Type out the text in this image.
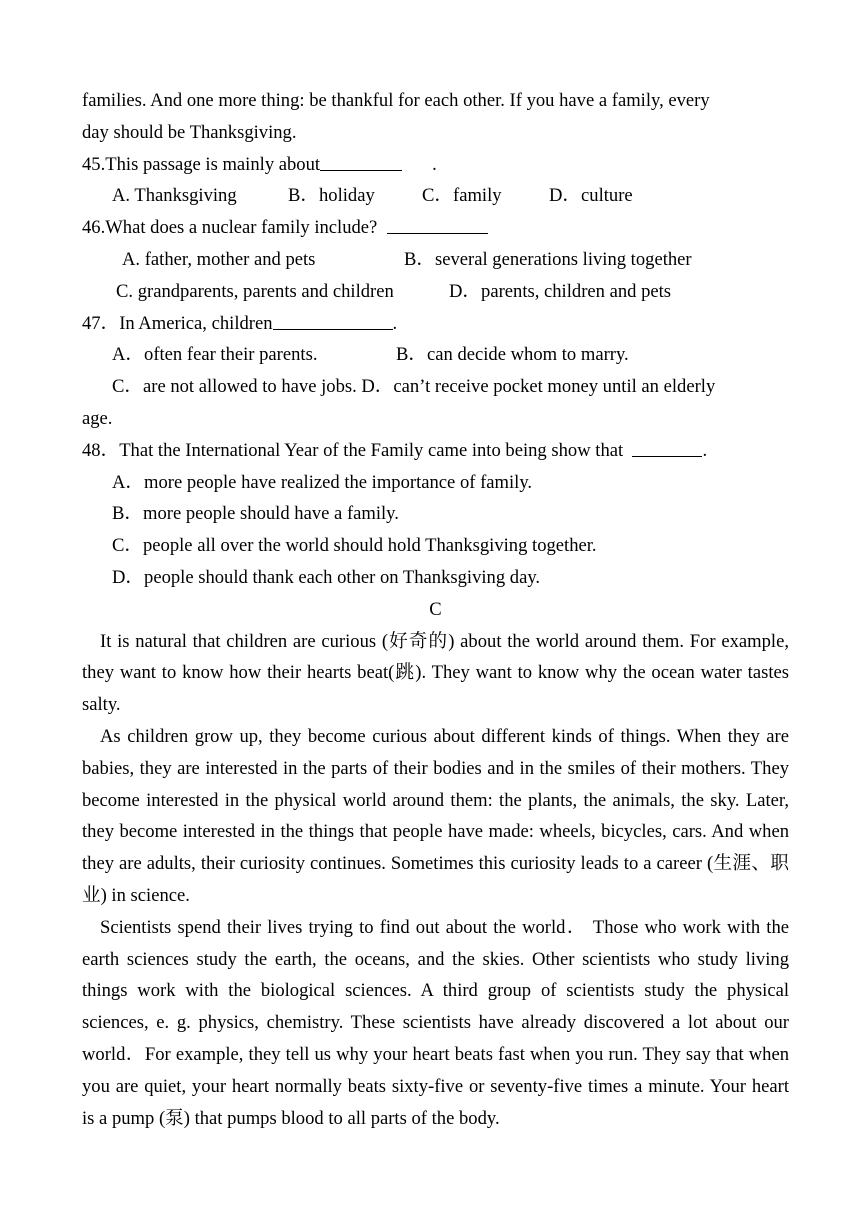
families. And one more thing: be thankful for each other. If you have a family, every

day should be Thanksgiving.

45.This passage is mainly about	.

A. Thanksgiving	B．holiday	C．family	D．culture

46.What does a nuclear family include?

A. father, mother and pets	B．several generations living together

C. grandparents, parents and children	D．parents, children and pets

47．In America, children	.

A．often fear their parents.	B．can decide whom to marry.

C．are not allowed to have jobs. D．can’t receive pocket money until an elderly

age.

48．That the International Year of the Family came into being show that	.

A．more people have realized the importance of family.

B．more people should have a family.

C．people all over the world should hold Thanksgiving together.

D．people should thank each other on Thanksgiving day.

C

It is natural that children are curious (好奇的) about the world around them. For example, they want to know how their hearts beat(跳). They want to know why the ocean water tastes salty.

As children grow up, they become curious about different kinds of things. When they are babies, they are interested in the parts of their bodies and in the smiles of their mothers. They become interested in the physical world around them: the plants, the animals, the sky. Later, they become interested in the things that people have made: wheels, bicycles, cars. And when they are adults, their curiosity continues. Sometimes this curiosity leads to a career (生涯、职业) in science.

Scientists spend their lives trying to find out about the world． Those who work with the earth sciences study the earth, the oceans, and the skies. Other scientists who study living things work with the biological sciences. A third group of scientists study the physical sciences, e. g. physics, chemistry. These scientists have already discovered a lot about our world．For example, they tell us why your heart beats fast when you run. They say that when you are quiet, your heart normally beats sixty-five or seventy-five times a minute. Your heart is a pump (泵) that pumps blood to all parts of the body.
